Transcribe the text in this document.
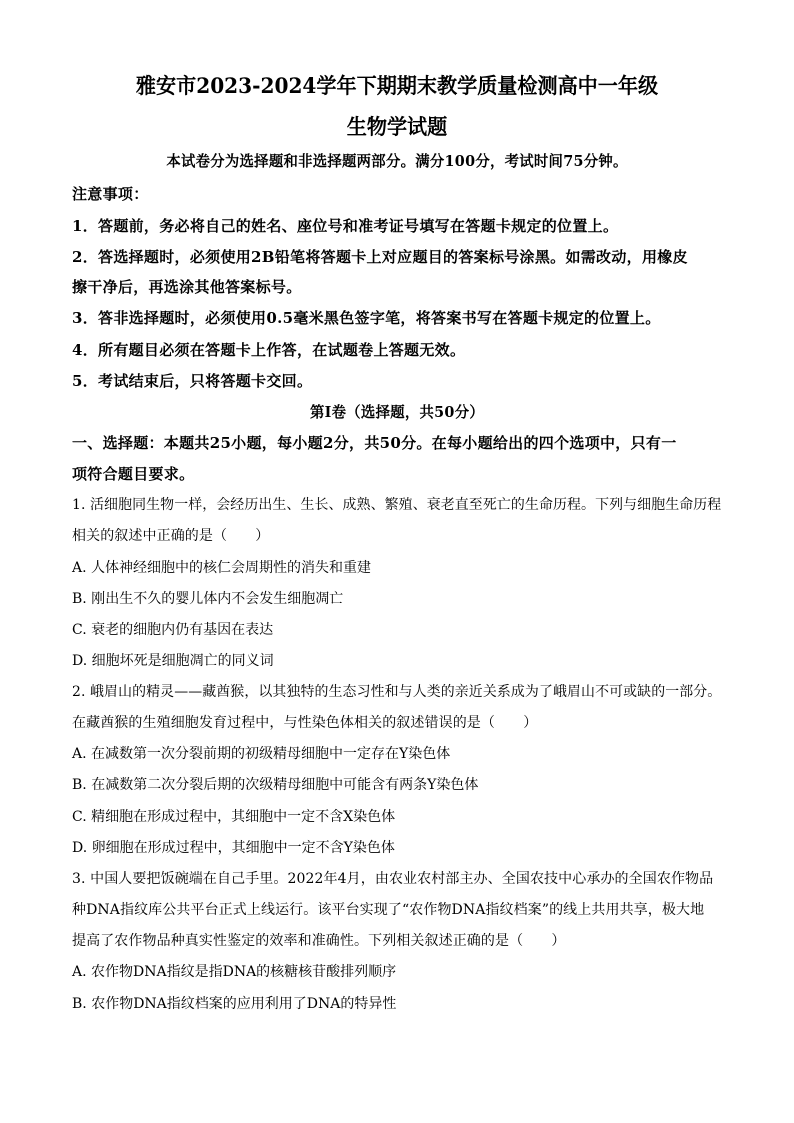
雅安市2023-2024学年下期期末教学质量检测高中一年级
生物学试题
本试卷分为选择题和非选择题两部分。满分100分，考试时间75分钟。
注意事项：
1．答题前，务必将自己的姓名、座位号和准考证号填写在答题卡规定的位置上。
2．答选择题时，必须使用2B铅笔将答题卡上对应题目的答案标号涂黑。如需改动，用橡皮
擦干净后，再选涂其他答案标号。
3．答非选择题时，必须使用0.5毫米黑色签字笔，将答案书写在答题卡规定的位置上。
4．所有题目必须在答题卡上作答，在试题卷上答题无效。
5．考试结束后，只将答题卡交回。
第Ⅰ卷（选择题，共50分）
一、选择题：本题共25小题，每小题2分，共50分。在每小题给出的四个选项中，只有一
项符合题目要求。
1. 活细胞同生物一样，会经历出生、生长、成熟、繁殖、衰老直至死亡的生命历程。下列与细胞生命历程
相关的叙述中正确的是（　　）
A. 人体神经细胞中的核仁会周期性的消失和重建
B. 刚出生不久的婴儿体内不会发生细胞凋亡
C. 衰老的细胞内仍有基因在表达
D. 细胞坏死是细胞凋亡的同义词
2. 峨眉山的精灵——藏酋猴，以其独特的生态习性和与人类的亲近关系成为了峨眉山不可或缺的一部分。
在藏酋猴的生殖细胞发育过程中，与性染色体相关的叙述错误的是（　　）
A. 在减数第一次分裂前期的初级精母细胞中一定存在Y染色体
B. 在减数第二次分裂后期的次级精母细胞中可能含有两条Y染色体
C. 精细胞在形成过程中，其细胞中一定不含X染色体
D. 卵细胞在形成过程中，其细胞中一定不含Y染色体
3. 中国人要把饭碗端在自己手里。2022年4月，由农业农村部主办、全国农技中心承办的全国农作物品
种DNA指纹库公共平台正式上线运行。该平台实现了“农作物DNA指纹档案”的线上共用共享，极大地
提高了农作物品种真实性鉴定的效率和准确性。下列相关叙述正确的是（　　）
A. 农作物DNA指纹是指DNA的核糖核苷酸排列顺序
B. 农作物DNA指纹档案的应用利用了DNA的特异性
